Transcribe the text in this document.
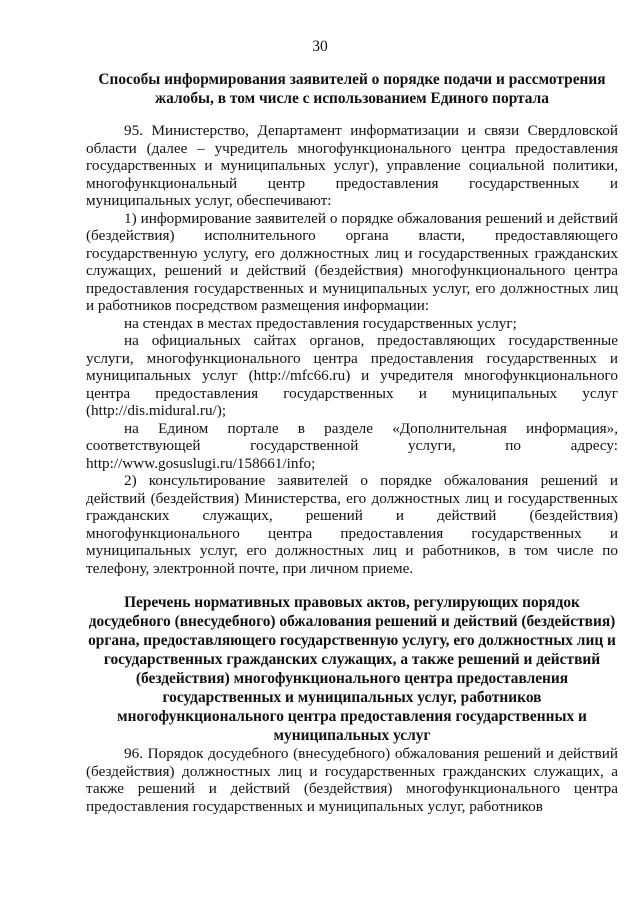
30
Способы информирования заявителей о порядке подачи и рассмотрения жалобы, в том числе с использованием Единого портала

95. Министерство, Департамент информатизации и связи Свердловской области (далее – учредитель многофункционального центра предоставления государственных и муниципальных услуг), управление социальной политики, многофункциональный центр предоставления государственных и муниципальных услуг, обеспечивают:

1) информирование заявителей о порядке обжалования решений и действий (бездействия) исполнительного органа власти, предоставляющего государственную услугу, его должностных лиц и государственных гражданских служащих, решений и действий (бездействия) многофункционального центра предоставления государственных и муниципальных услуг, его должностных лиц и работников посредством размещения информации:

на стендах в местах предоставления государственных услуг;

на официальных сайтах органов, предоставляющих государственные услуги, многофункционального центра предоставления государственных и муниципальных услуг (http://mfc66.ru) и учредителя многофункционального центра предоставления государственных и муниципальных услуг (http://dis.midural.ru/);

на Едином портале в разделе «Дополнительная информация», соответствующей государственной услуги, по адресу: http://www.gosuslugi.ru/158661/info;

2) консультирование заявителей о порядке обжалования решений и действий (бездействия) Министерства, его должностных лиц и государственных гражданских служащих, решений и действий (бездействия) многофункционального центра предоставления государственных и муниципальных услуг, его должностных лиц и работников, в том числе по телефону, электронной почте, при личном приеме.

Перечень нормативных правовых актов, регулирующих порядок досудебного (внесудебного) обжалования решений и действий (бездействия) органа, предоставляющего государственную услугу, его должностных лиц и государственных гражданских служащих, а также решений и действий (бездействия) многофункционального центра предоставления государственных и муниципальных услуг, работников многофункционального центра предоставления государственных и муниципальных услуг

96. Порядок досудебного (внесудебного) обжалования решений и действий (бездействия) должностных лиц и государственных гражданских служащих, а также решений и действий (бездействия) многофункционального центра предоставления государственных и муниципальных услуг, работников
